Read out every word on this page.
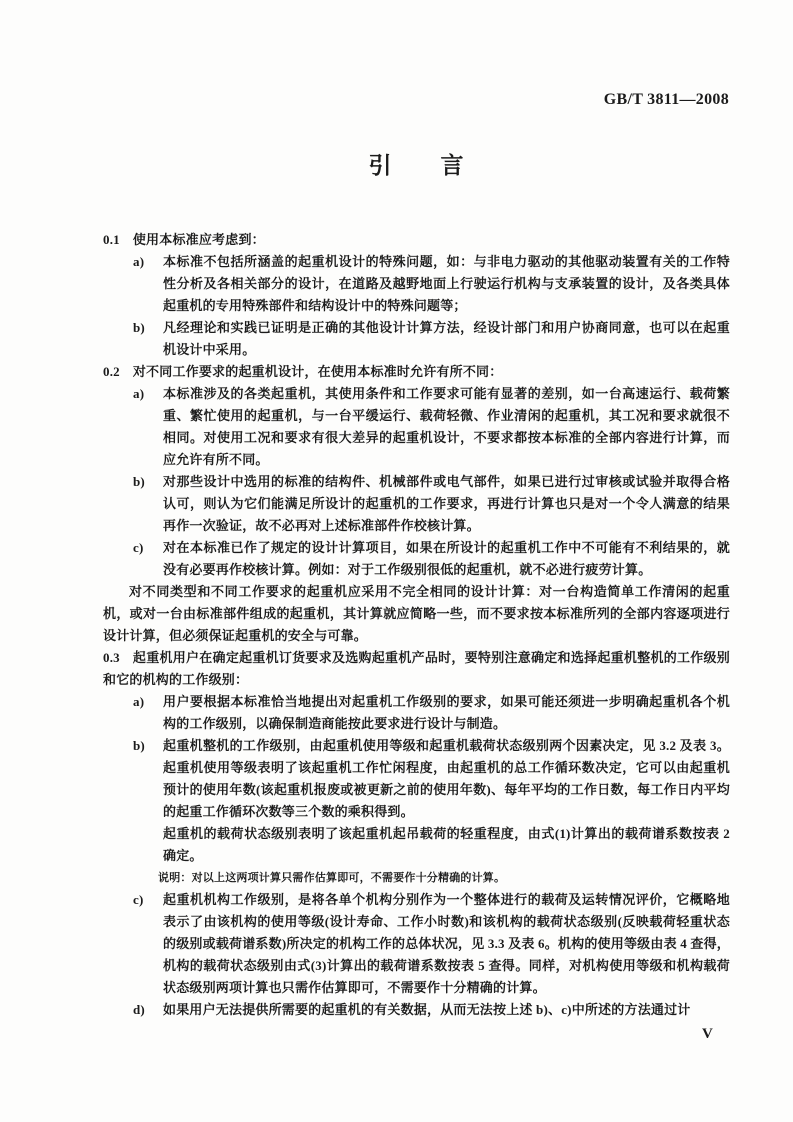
GB/T 3811—2008
引　　言
0.1 使用本标准应考虑到：
a) 本标准不包括所涵盖的起重机设计的特殊问题，如：与非电力驱动的其他驱动装置有关的工作特性分析及各相关部分的设计，在道路及越野地面上行驶运行机构与支承装置的设计，及各类具体起重机的专用特殊部件和结构设计中的特殊问题等；
b) 凡经理论和实践已证明是正确的其他设计计算方法，经设计部门和用户协商同意，也可以在起重机设计中采用。
0.2 对不同工作要求的起重机设计，在使用本标准时允许有所不同：
a) 本标准涉及的各类起重机，其使用条件和工作要求可能有显著的差别，如一台高速运行、载荷繁重、繁忙使用的起重机，与一台平缓运行、载荷轻微、作业清闲的起重机，其工况和要求就很不相同。对使用工况和要求有很大差异的起重机设计，不要求都按本标准的全部内容进行计算，而应允许有所不同。
b) 对那些设计中选用的标准的结构件、机械部件或电气部件，如果已进行过审核或试验并取得合格认可，则认为它们能满足所设计的起重机的工作要求，再进行计算也只是对一个令人满意的结果再作一次验证，故不必再对上述标准部件作校核计算。
c) 对在本标准已作了规定的设计计算项目，如果在所设计的起重机工作中不可能有不利结果的，就没有必要再作校核计算。例如：对于工作级别很低的起重机，就不必进行疲劳计算。
对不同类型和不同工作要求的起重机应采用不完全相同的设计计算：对一台构造简单工作清闲的起重机，或对一台由标准部件组成的起重机，其计算就应简略一些，而不要求按本标准所列的全部内容逐项进行设计计算，但必须保证起重机的安全与可靠。
0.3 起重机用户在确定起重机订货要求及选购起重机产品时，要特别注意确定和选择起重机整机的工作级别和它的机构的工作级别：
a) 用户要根据本标准恰当地提出对起重机工作级别的要求，如果可能还须进一步明确起重机各个机构的工作级别，以确保制造商能按此要求进行设计与制造。
b) 起重机整机的工作级别，由起重机使用等级和起重机载荷状态级别两个因素决定，见 3.2 及表 3。起重机使用等级表明了该起重机工作忙闲程度，由起重机的总工作循环数决定，它可以由起重机预计的使用年数(该起重机报废或被更新之前的使用年数)、每年平均的工作日数，每工作日内平均的起重工作循环次数等三个数的乘积得到。
起重机的载荷状态级别表明了该起重机起吊载荷的轻重程度，由式(1)计算出的载荷谱系数按表 2 确定。
说明：对以上这两项计算只需作估算即可，不需要作十分精确的计算。
c) 起重机机构工作级别，是将各单个机构分别作为一个整体进行的载荷及运转情况评价，它概略地表示了由该机构的使用等级(设计寿命、工作小时数)和该机构的载荷状态级别(反映载荷轻重状态的级别或载荷谱系数)所决定的机构工作的总体状况，见 3.3 及表 6。机构的使用等级由表 4 查得，机构的载荷状态级别由式(3)计算出的载荷谱系数按表 5 查得。同样，对机构使用等级和机构载荷状态级别两项计算也只需作估算即可，不需要作十分精确的计算。
d) 如果用户无法提供所需要的起重机的有关数据，从而无法按上述 b)、c)中所述的方法通过计
V
